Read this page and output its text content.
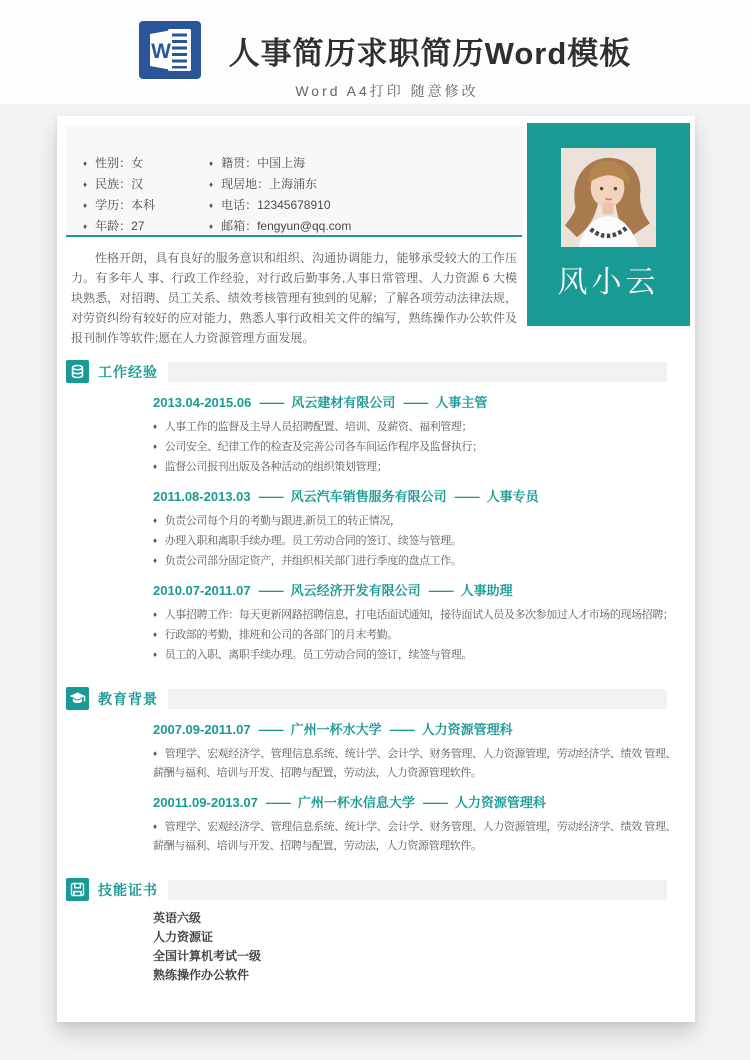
W 人事简历求职简历Word模板
Word A4打印 随意修改
♦ 性别：女
♦ 民族：汉
♦ 学历：本科
♦ 年龄：27
♦ 籍贯：中国上海
♦ 现居地：上海浦东
♦ 电话：12345678910
♦ 邮箱：fengyun@qq.com
性格开朗，具有良好的服务意识和组织、沟通协调能力，能够承受较大的工作压力。有多年人 事、行政工作经验，对行政后勤事务,人事日常管理、人力资源 6 大模块熟悉，对招聘、员工关系、绩效考核管理有独到的见解；了解各项劳动法律法规，对劳资纠纷有较好的应对能力，熟悉人事行政相关文件的编写，熟练操作办公软件及报刊制作等软件;愿在人力资源管理方面发展。
风小云
工作经验
2013.04-2015.06 —— 风云建材有限公司 —— 人事主管
♦ 人事工作的监督及主导人员招聘配置、培训、及薪资、福利管理；
♦ 公司安全、纪律工作的检查及完善公司各车间运作程序及监督执行；
♦ 监督公司报刊出版及各种活动的组织策划管理；
2011.08-2013.03 —— 风云汽车销售服务有限公司 —— 人事专员
♦ 负责公司每个月的考勤与跟进,新员工的转正情况，
♦ 办理入职和离职手续办理。员工劳动合同的签订、续签与管理。
♦ 负责公司部分固定资产，并组织相关部门进行季度的盘点工作。
2010.07-2011.07 —— 风云经济开发有限公司 —— 人事助理
♦ 人事招聘工作：每天更新网路招聘信息，打电话面试通知，接待面试人员及多次参加过人才市场的现场招聘；
♦ 行政部的考勤，排班和公司的各部门的月末考勤。
♦ 员工的入职、离职手续办理。员工劳动合同的签订，续签与管理。
教育背景
2007.09-2011.07 —— 广州一杯水大学 —— 人力资源管理科
♦ 管理学、宏观经济学、管理信息系统、统计学、会计学、财务管理、人力资源管理，劳动经济学、绩效 管理、薪酬与福利、培训与开发、招聘与配置，劳动法，人力资源管理软件。
20011.09-2013.07 —— 广州一杯水信息大学 —— 人力资源管理科
♦ 管理学、宏观经济学、管理信息系统、统计学、会计学、财务管理、人力资源管理，劳动经济学、绩效 管理、薪酬与福利、培训与开发、招聘与配置，劳动法，人力资源管理软件。
技能证书
英语六级
人力资源证
全国计算机考试一级
熟练操作办公软件
